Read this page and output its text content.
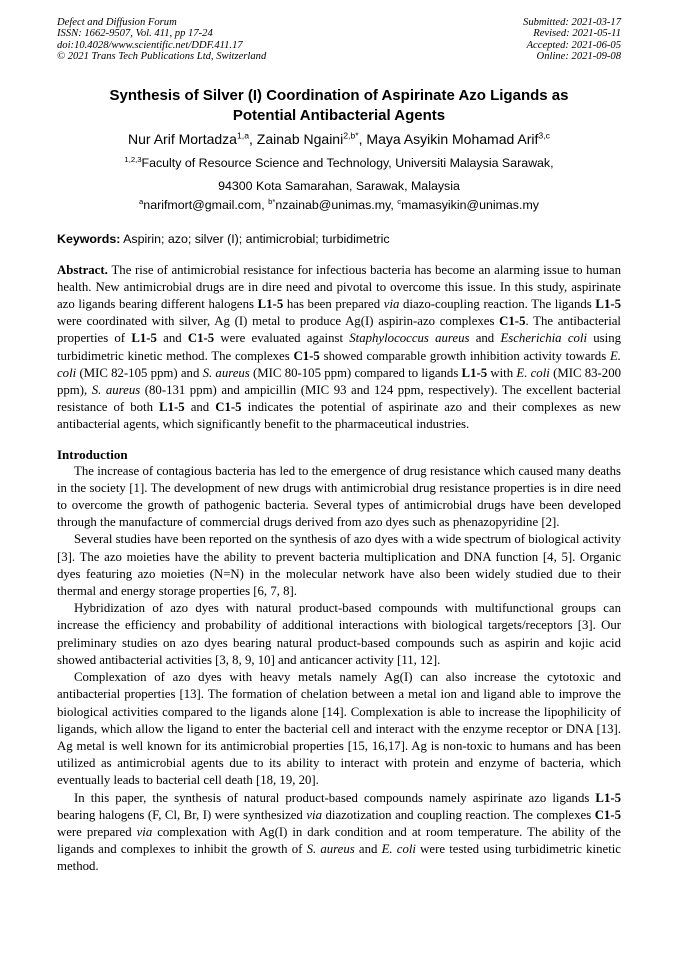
Defect and Diffusion Forum
ISSN: 1662-9507, Vol. 411, pp 17-24
doi:10.4028/www.scientific.net/DDF.411.17
© 2021 Trans Tech Publications Ltd, Switzerland
Submitted: 2021-03-17
Revised: 2021-05-11
Accepted: 2021-06-05
Online: 2021-09-08
Synthesis of Silver (I) Coordination of Aspirinate Azo Ligands as
Potential Antibacterial Agents
Nur Arif Mortadza$^{1,a}$, Zainab Ngaini$^{2,b*}$, Maya Asyikin Mohamad Arif$^{3,c}$
$^{1,2,3}$Faculty of Resource Science and Technology, Universiti Malaysia Sarawak,
94300 Kota Samarahan, Sarawak, Malaysia
$^a$narifmort@gmail.com, $^{b*}$nzainab@unimas.my, $^c$mamasyikin@unimas.my
Keywords: Aspirin; azo; silver (I); antimicrobial; turbidimetric

Abstract. The rise of antimicrobial resistance for infectious bacteria has become an alarming issue to human health. New antimicrobial drugs are in dire need and pivotal to overcome this issue. In this study, aspirinate azo ligands bearing different halogens L1-5 has been prepared via diazo-coupling reaction. The ligands L1-5 were coordinated with silver, Ag (I) metal to produce Ag(I) aspirin-azo complexes C1-5. The antibacterial properties of L1-5 and C1-5 were evaluated against Staphylococcus aureus and Escherichia coli using turbidimetric kinetic method. The complexes C1-5 showed comparable growth inhibition activity towards E. coli (MIC 82-105 ppm) and S. aureus (MIC 80-105 ppm) compared to ligands L1-5 with E. coli (MIC 83-200 ppm), S. aureus (80-131 ppm) and ampicillin (MIC 93 and 124 ppm, respectively). The excellent bacterial resistance of both L1-5 and C1-5 indicates the potential of aspirinate azo and their complexes as new antibacterial agents, which significantly benefit to the pharmaceutical industries.

Introduction

The increase of contagious bacteria has led to the emergence of drug resistance which caused many deaths in the society [1]. The development of new drugs with antimicrobial drug resistance properties is in dire need to overcome the growth of pathogenic bacteria. Several types of antimicrobial drugs have been developed through the manufacture of commercial drugs derived from azo dyes such as phenazopyridine [2].

Several studies have been reported on the synthesis of azo dyes with a wide spectrum of biological activity [3]. The azo moieties have the ability to prevent bacteria multiplication and DNA function [4, 5]. Organic dyes featuring azo moieties (N=N) in the molecular network have also been widely studied due to their thermal and energy storage properties [6, 7, 8].

Hybridization of azo dyes with natural product-based compounds with multifunctional groups can increase the efficiency and probability of additional interactions with biological targets/receptors [3]. Our preliminary studies on azo dyes bearing natural product-based compounds such as aspirin and kojic acid showed antibacterial activities [3, 8, 9, 10] and anticancer activity [11, 12].

Complexation of azo dyes with heavy metals namely Ag(I) can also increase the cytotoxic and antibacterial properties [13]. The formation of chelation between a metal ion and ligand able to improve the biological activities compared to the ligands alone [14]. Complexation is able to increase the lipophilicity of ligands, which allow the ligand to enter the bacterial cell and interact with the enzyme receptor or DNA [13]. Ag metal is well known for its antimicrobial properties [15, 16,17]. Ag is non-toxic to humans and has been utilized as antimicrobial agents due to its ability to interact with protein and enzyme of bacteria, which eventually leads to bacterial cell death [18, 19, 20].

In this paper, the synthesis of natural product-based compounds namely aspirinate azo ligands L1-5 bearing halogens (F, Cl, Br, I) were synthesized via diazotization and coupling reaction. The complexes C1-5 were prepared via complexation with Ag(I) in dark condition and at room temperature. The ability of the ligands and complexes to inhibit the growth of S. aureus and E. coli were tested using turbidimetric kinetic method.
